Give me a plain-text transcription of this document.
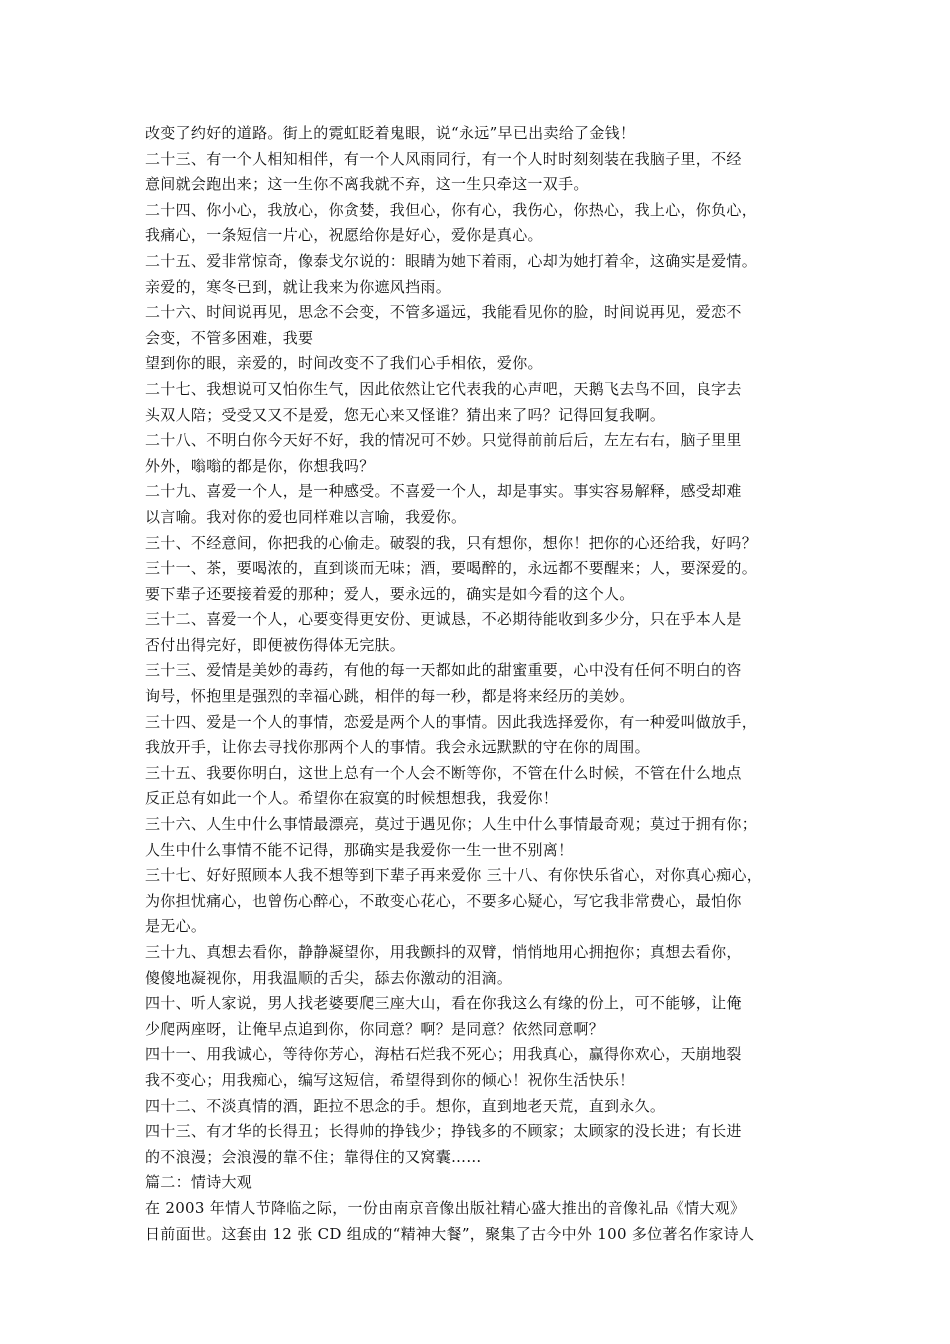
改变了约好的道路。街上的霓虹眨着鬼眼，说“永远”早已出卖给了金钱！
二十三、有一个人相知相伴，有一个人风雨同行，有一个人时时刻刻装在我脑子里，不经
意间就会跑出来；这一生你不离我就不弃，这一生只牵这一双手。
二十四、你小心，我放心，你贪婪，我但心，你有心，我伤心，你热心，我上心，你负心，
我痛心，一条短信一片心，祝愿给你是好心，爱你是真心。
二十五、爱非常惊奇，像泰戈尔说的：眼睛为她下着雨，心却为她打着伞，这确实是爱情。
亲爱的，寒冬已到，就让我来为你遮风挡雨。
二十六、时间说再见，思念不会变，不管多遥远，我能看见你的脸，时间说再见，爱恋不
会变，不管多困难，我要
望到你的眼，亲爱的，时间改变不了我们心手相依，爱你。
二十七、我想说可又怕你生气，因此依然让它代表我的心声吧，天鹅飞去鸟不回，良字去
头双人陪；受受又又不是爱，您无心来又怪谁？猜出来了吗？记得回复我啊。
二十八、不明白你今天好不好，我的情况可不妙。只觉得前前后后，左左右右，脑子里里
外外，嗡嗡的都是你，你想我吗？
二十九、喜爱一个人，是一种感受。不喜爱一个人，却是事实。事实容易解释，感受却难
以言喻。我对你的爱也同样难以言喻，我爱你。
三十、不经意间，你把我的心偷走。破裂的我，只有想你，想你！把你的心还给我，好吗？
三十一、茶，要喝浓的，直到谈而无味；酒，要喝醉的，永远都不要醒来；人，要深爱的。
要下辈子还要接着爱的那种；爱人，要永远的，确实是如今看的这个人。
三十二、喜爱一个人，心要变得更安份、更诚恳，不必期待能收到多少分，只在乎本人是
否付出得完好，即便被伤得体无完肤。
三十三、爱情是美妙的毒药，有他的每一天都如此的甜蜜重要，心中没有任何不明白的咨
询号，怀抱里是强烈的幸福心跳，相伴的每一秒，都是将来经历的美妙。
三十四、爱是一个人的事情，恋爱是两个人的事情。因此我选择爱你，有一种爱叫做放手，
我放开手，让你去寻找你那两个人的事情。我会永远默默的守在你的周围。
三十五、我要你明白，这世上总有一个人会不断等你，不管在什么时候，不管在什么地点
反正总有如此一个人。希望你在寂寞的时候想想我，我爱你！
三十六、人生中什么事情最漂亮，莫过于遇见你；人生中什么事情最奇观；莫过于拥有你；
人生中什么事情不能不记得，那确实是我爱你一生一世不别离！
三十七、好好照顾本人我不想等到下辈子再来爱你 三十八、有你快乐省心，对你真心痴心，
为你担忧痛心，也曾伤心醉心，不敢变心花心，不要多心疑心，写它我非常费心，最怕你
是无心。
三十九、真想去看你，静静凝望你，用我颤抖的双臂，悄悄地用心拥抱你；真想去看你，
傻傻地凝视你，用我温顺的舌尖，舔去你激动的泪滴。
四十、听人家说，男人找老婆要爬三座大山，看在你我这么有缘的份上，可不能够，让俺
少爬两座呀，让俺早点追到你，你同意？啊？是同意？依然同意啊？
四十一、用我诚心，等待你芳心，海枯石烂我不死心；用我真心，赢得你欢心，天崩地裂
我不变心；用我痴心，编写这短信，希望得到你的倾心！祝你生活快乐！
四十二、不淡真情的酒，距拉不思念的手。想你，直到地老天荒，直到永久。
四十三、有才华的长得丑；长得帅的挣钱少；挣钱多的不顾家；太顾家的没长进；有长进
的不浪漫；会浪漫的靠不住；靠得住的又窝囊……
篇二：情诗大观
在 2003 年情人节降临之际，一份由南京音像出版社精心盛大推出的音像礼品《情大观》
日前面世。这套由 12 张 CD 组成的“精神大餐”，聚集了古今中外 100 多位著名作家诗人
